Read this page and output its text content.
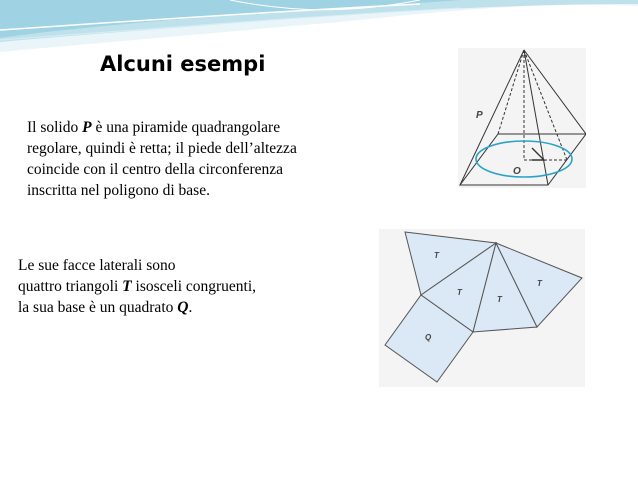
Alcuni esempi
Il solido P è una piramide quadrangolare
regolare, quindi è retta; il piede dell’altezza
coincide con il centro della circonferenza
inscritta nel poligono di base.
Le sue facce laterali sono
quattro triangoli T isosceli congruenti,
la sua base è un quadrato Q.
P
O
T
T
T
T
Q
